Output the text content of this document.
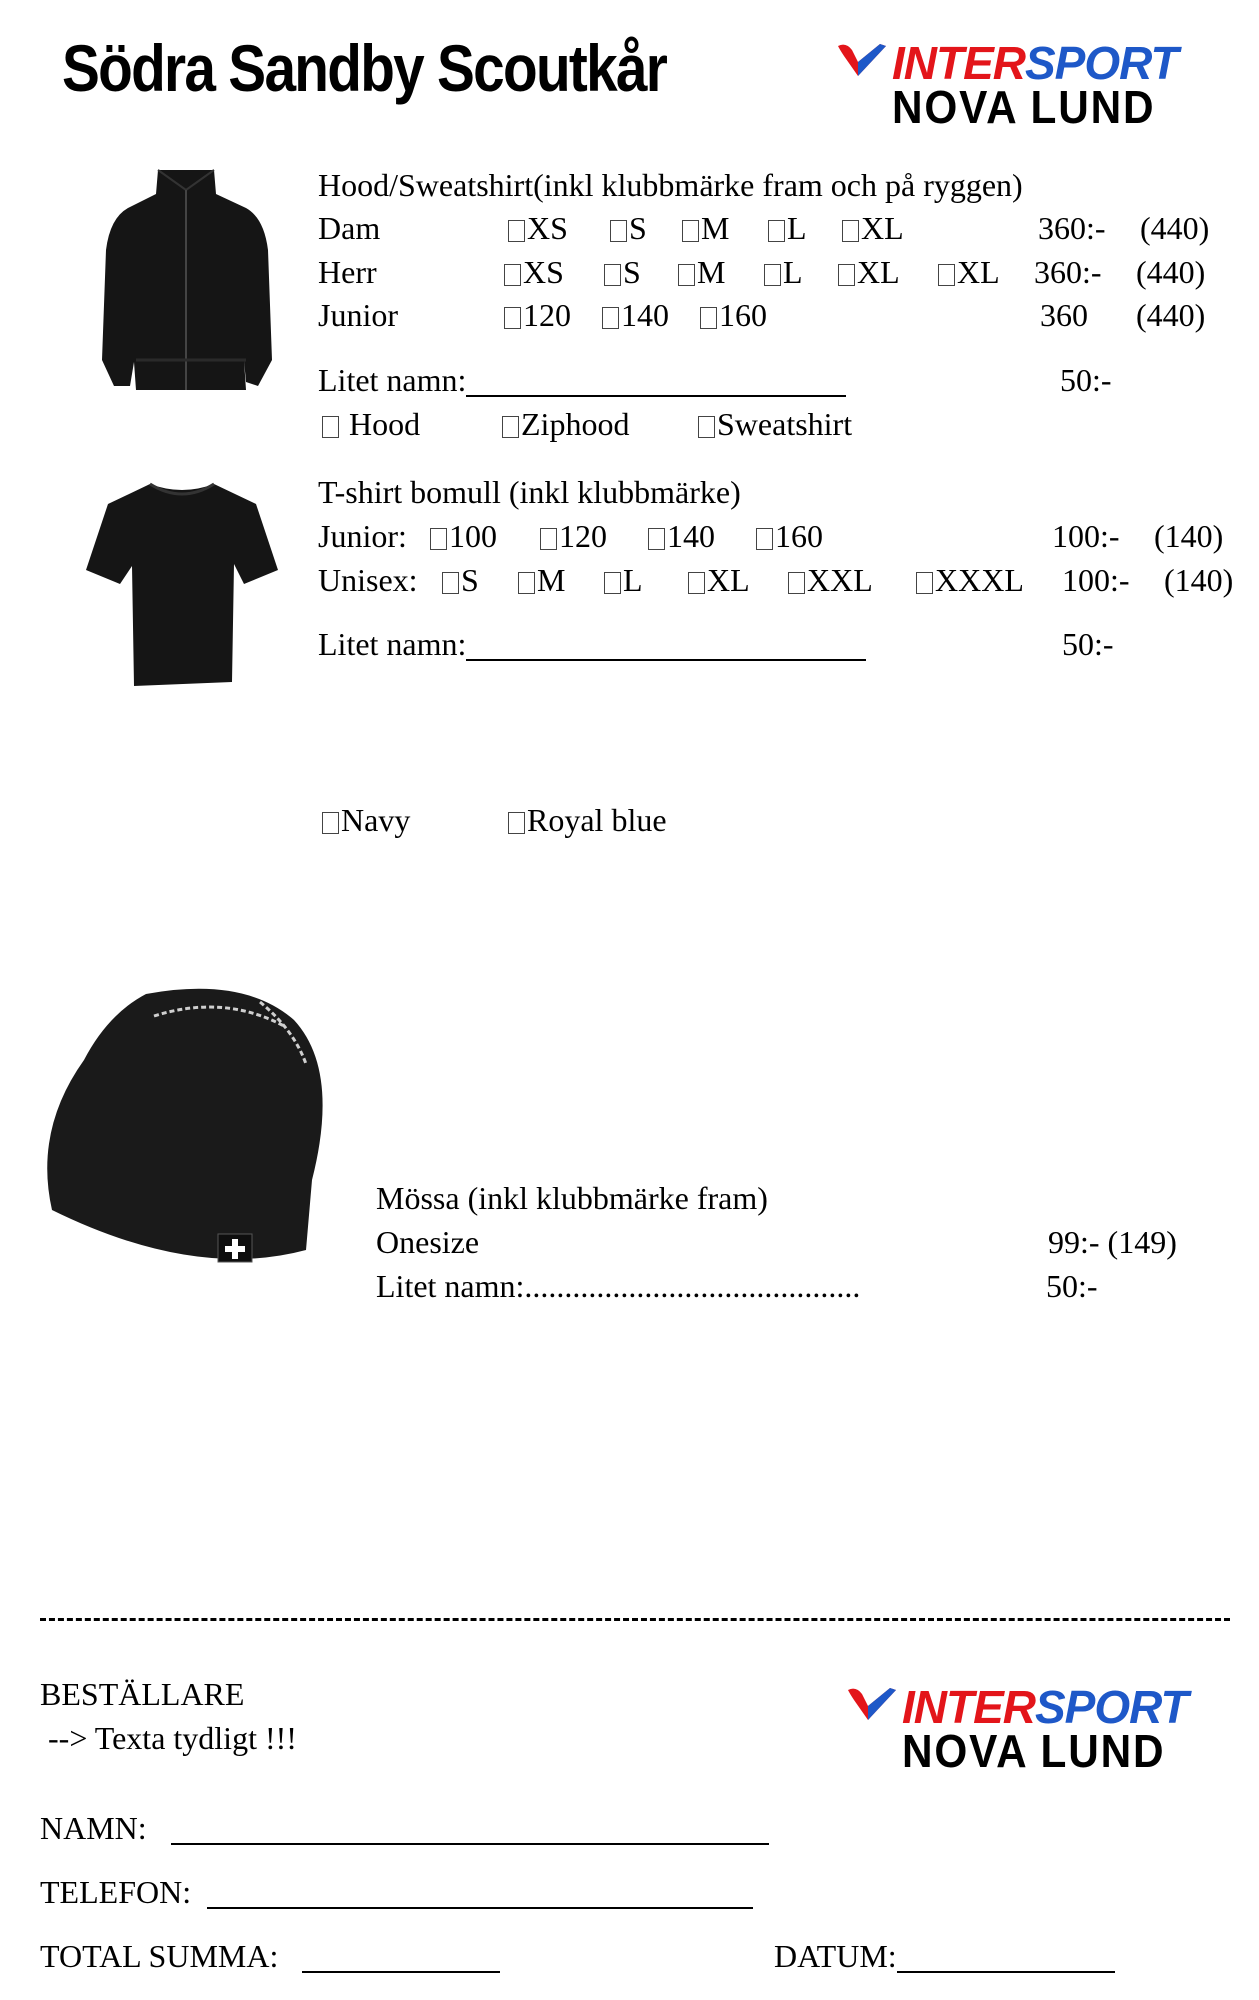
Södra Sandby Scoutkår	INTERSPORT
NOVA LUND
Hood/Sweatshirt(inkl klubbmärke fram och på ryggen)
Dam	XS	S	M	L	XL	360:- (440)
Herr	XS	S	M	L	XL	XL 360:- (440)
Junior	120	140	160	360 (440)
Litet namn:	50:-
Hood	Ziphood	Sweatshirt
T-shirt bomull (inkl klubbmärke)
Junior:	100	120	140	160	100:- (140)
Unisex:	S	M	L	XL	XXL	XXXL 100:- (140)
Litet namn:	50:-
Navy	Royal blue
Mössa (inkl klubbmärke fram)
Onesize	99:- (149)
Litet namn:..........................................	50:-
BESTÄLLARE
--> Texta tydligt !!!
INTERSPORT
NOVA LUND
NAMN:
TELEFON:
TOTAL SUMMA:	DATUM:
